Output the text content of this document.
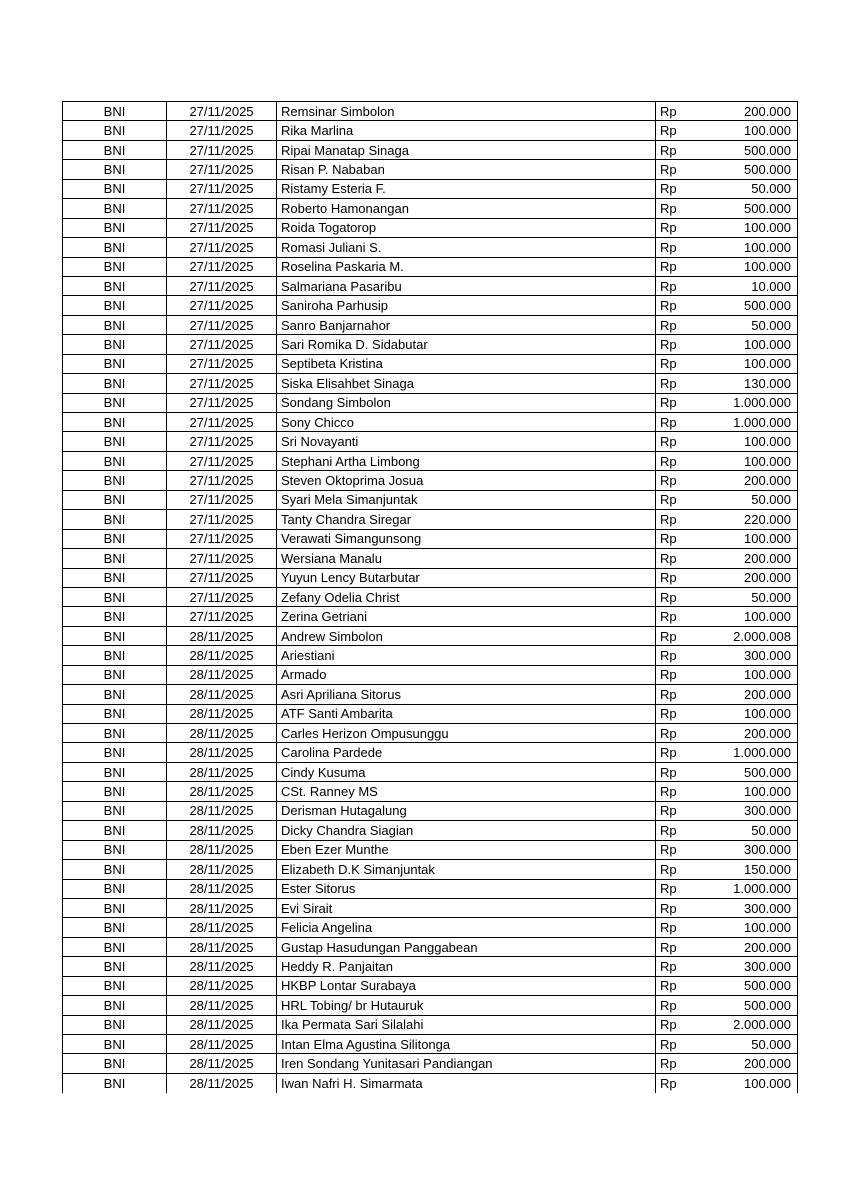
BNI	27/11/2025	Remsinar Simbolon	Rp	200.000
BNI	27/11/2025	Rika Marlina	Rp	100.000
BNI	27/11/2025	Ripai Manatap Sinaga	Rp	500.000
BNI	27/11/2025	Risan P. Nababan	Rp	500.000
BNI	27/11/2025	Ristamy Esteria F.	Rp	50.000
BNI	27/11/2025	Roberto Hamonangan	Rp	500.000
BNI	27/11/2025	Roida Togatorop	Rp	100.000
BNI	27/11/2025	Romasi Juliani S.	Rp	100.000
BNI	27/11/2025	Roselina Paskaria M.	Rp	100.000
BNI	27/11/2025	Salmariana Pasaribu	Rp	10.000
BNI	27/11/2025	Saniroha Parhusip	Rp	500.000
BNI	27/11/2025	Sanro Banjarnahor	Rp	50.000
BNI	27/11/2025	Sari Romika D. Sidabutar	Rp	100.000
BNI	27/11/2025	Septibeta Kristina	Rp	100.000
BNI	27/11/2025	Siska Elisahbet Sinaga	Rp	130.000
BNI	27/11/2025	Sondang Simbolon	Rp	1.000.000
BNI	27/11/2025	Sony Chicco	Rp	1.000.000
BNI	27/11/2025	Sri Novayanti	Rp	100.000
BNI	27/11/2025	Stephani Artha Limbong	Rp	100.000
BNI	27/11/2025	Steven Oktoprima Josua	Rp	200.000
BNI	27/11/2025	Syari Mela Simanjuntak	Rp	50.000
BNI	27/11/2025	Tanty Chandra Siregar	Rp	220.000
BNI	27/11/2025	Verawati Simangunsong	Rp	100.000
BNI	27/11/2025	Wersiana Manalu	Rp	200.000
BNI	27/11/2025	Yuyun Lency Butarbutar	Rp	200.000
BNI	27/11/2025	Zefany Odelia Christ	Rp	50.000
BNI	27/11/2025	Zerina Getriani	Rp	100.000
BNI	28/11/2025	Andrew Simbolon	Rp	2.000.008
BNI	28/11/2025	Ariestiani	Rp	300.000
BNI	28/11/2025	Armado	Rp	100.000
BNI	28/11/2025	Asri Apriliana Sitorus	Rp	200.000
BNI	28/11/2025	ATF Santi Ambarita	Rp	100.000
BNI	28/11/2025	Carles Herizon Ompusunggu	Rp	200.000
BNI	28/11/2025	Carolina Pardede	Rp	1.000.000
BNI	28/11/2025	Cindy Kusuma	Rp	500.000
BNI	28/11/2025	CSt. Ranney MS	Rp	100.000
BNI	28/11/2025	Derisman Hutagalung	Rp	300.000
BNI	28/11/2025	Dicky Chandra Siagian	Rp	50.000
BNI	28/11/2025	Eben Ezer Munthe	Rp	300.000
BNI	28/11/2025	Elizabeth D.K Simanjuntak	Rp	150.000
BNI	28/11/2025	Ester Sitorus	Rp	1.000.000
BNI	28/11/2025	Evi Sirait	Rp	300.000
BNI	28/11/2025	Felicia Angelina	Rp	100.000
BNI	28/11/2025	Gustap Hasudungan Panggabean	Rp	200.000
BNI	28/11/2025	Heddy R. Panjaitan	Rp	300.000
BNI	28/11/2025	HKBP Lontar Surabaya	Rp	500.000
BNI	28/11/2025	HRL Tobing/ br Hutauruk	Rp	500.000
BNI	28/11/2025	Ika Permata Sari Silalahi	Rp	2.000.000
BNI	28/11/2025	Intan Elma Agustina Silitonga	Rp	50.000
BNI	28/11/2025	Iren Sondang Yunitasari Pandiangan	Rp	200.000
BNI	28/11/2025	Iwan Nafri H. Simarmata	Rp	100.000
